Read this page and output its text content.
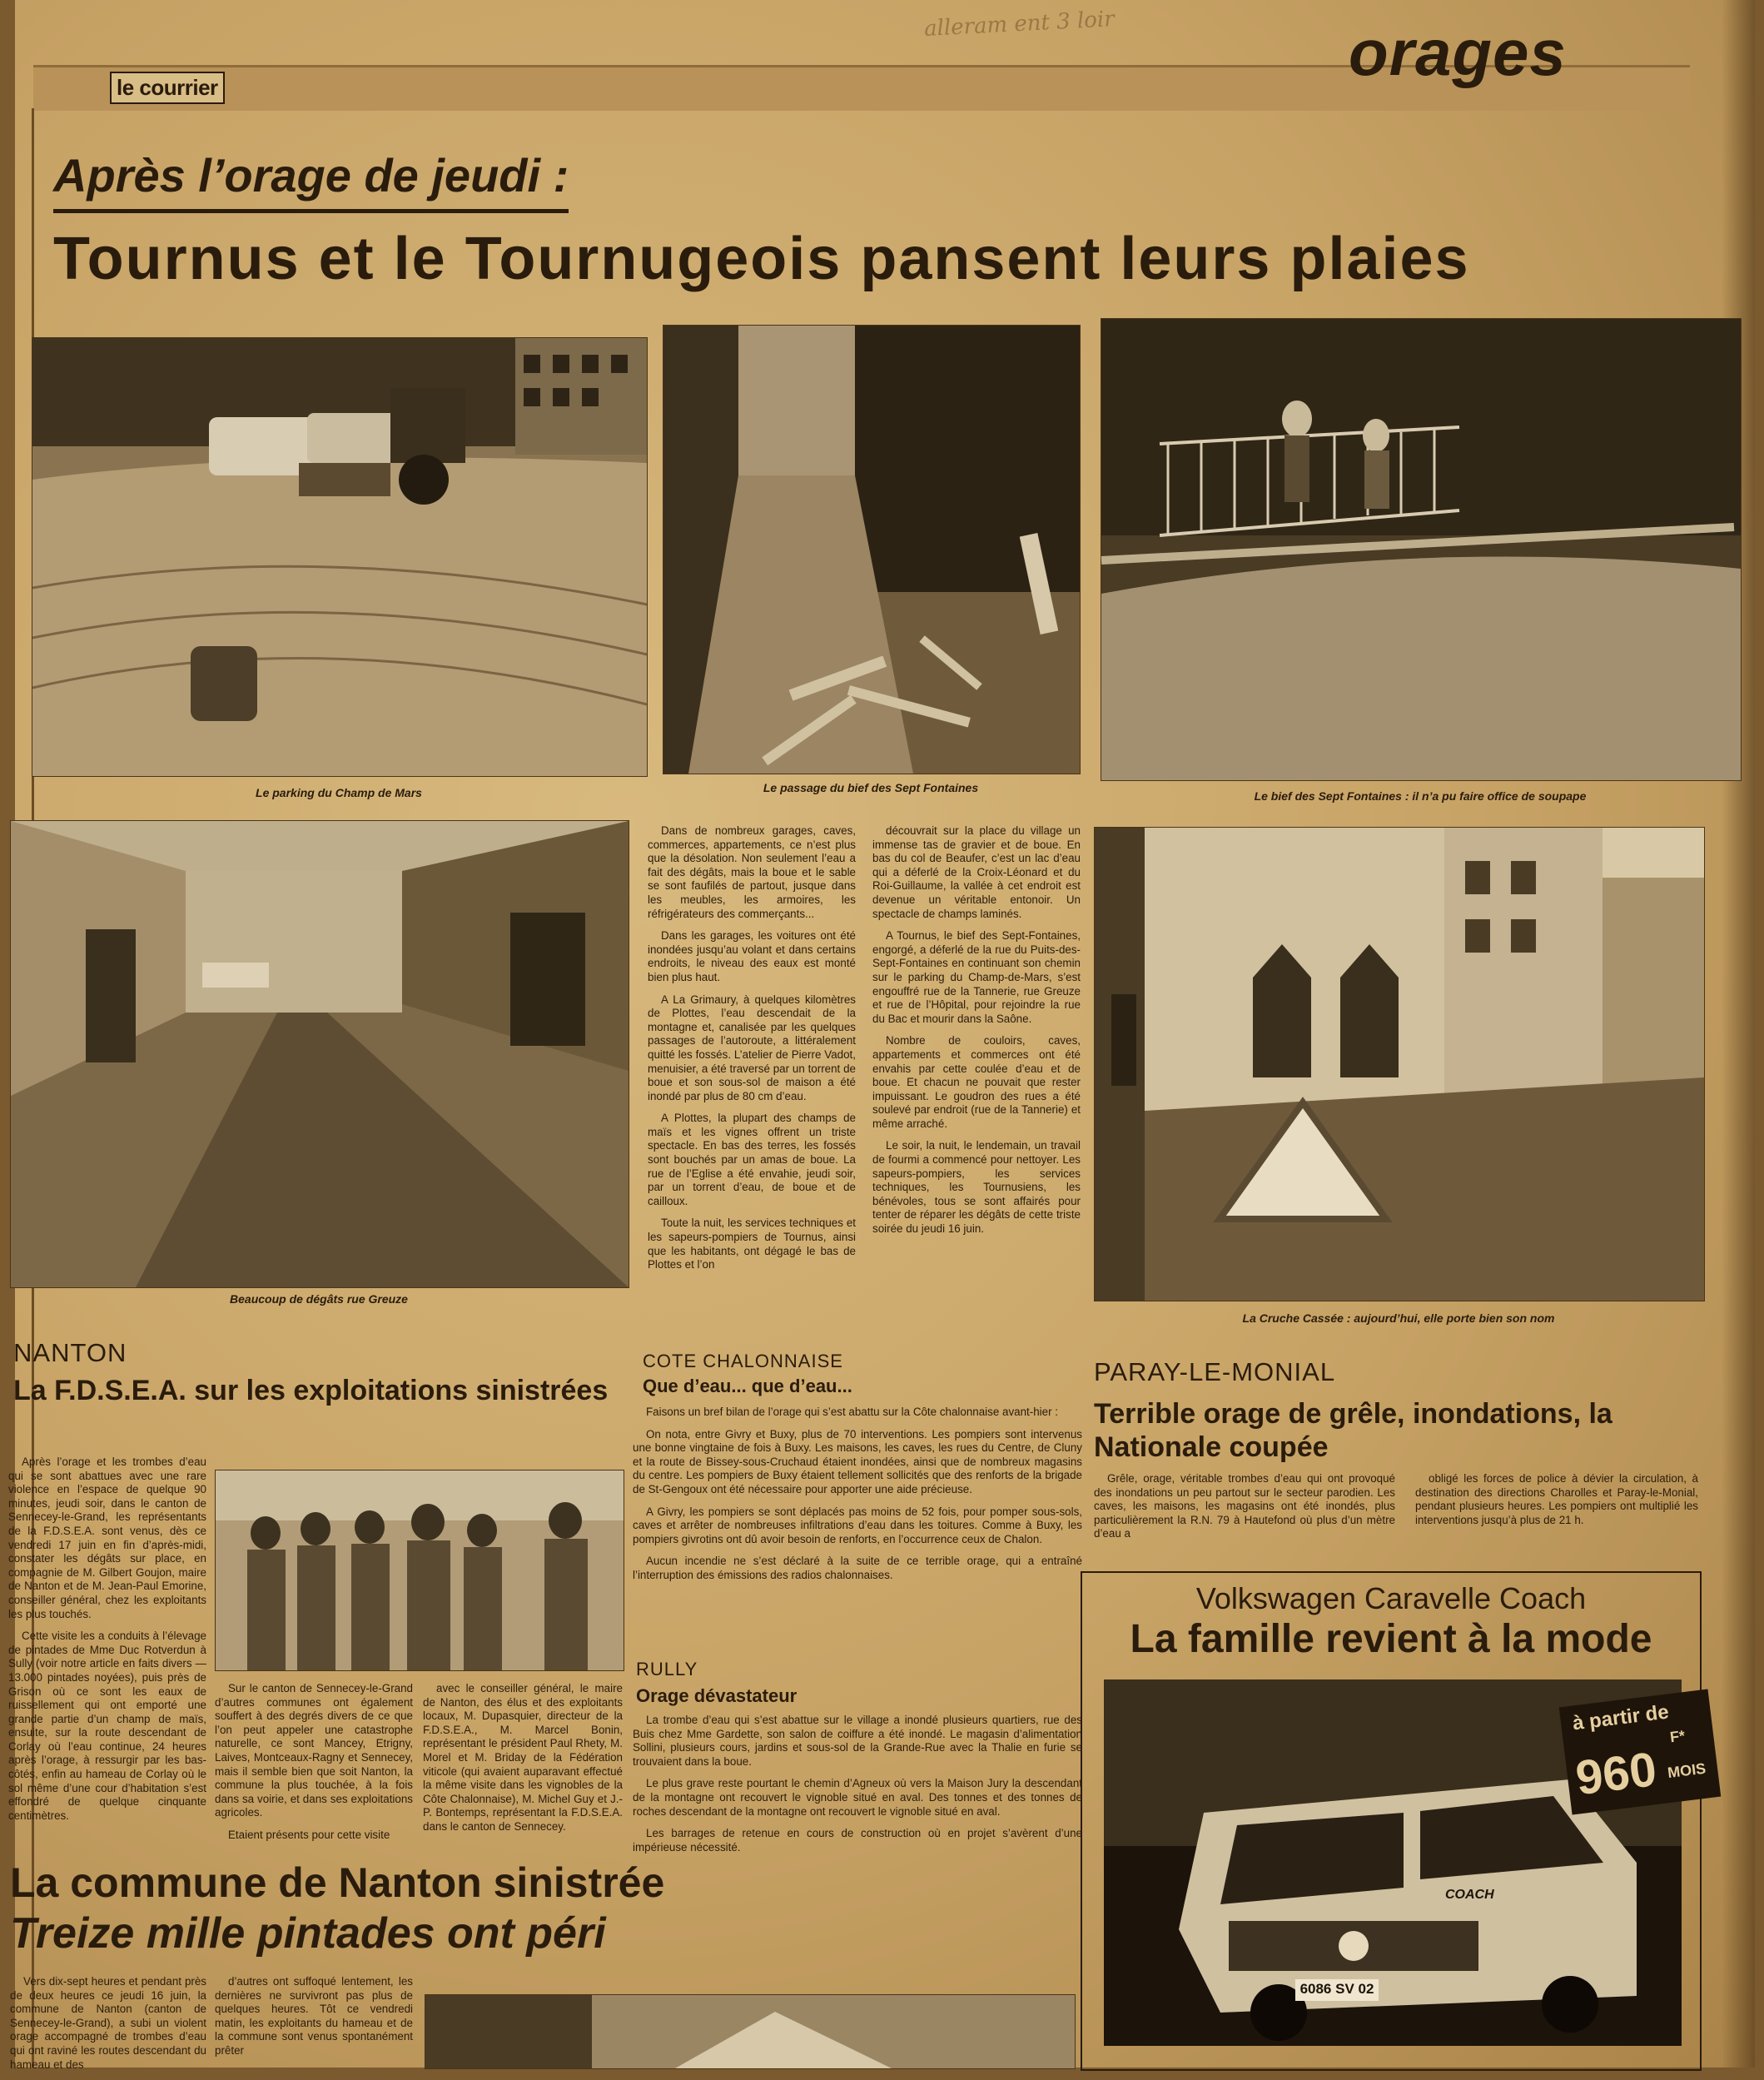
alleram ent 3 loir
le courrier	orages
Après l’orage de jeudi :
Tournus et le Tournugeois pansent leurs plaies
Le parking du Champ de Mars	Le passage du bief des Sept Fontaines
Le bief des Sept Fontaines : il n’a pu faire office de soupape
Beaucoup de dégâts rue Greuze
La Cruche Cassée : aujourd’hui, elle porte bien son nom

Dans de nombreux garages, caves, commerces, appartements, ce n’est plus que la désolation. Non seulement l’eau a fait des dégâts, mais la boue et le sable se sont faufilés de partout, jusque dans les meubles, les armoires, les réfrigérateurs des commerçants...

Dans les garages, les voitures ont été inondées jusqu’au volant et dans certains endroits, le niveau des eaux est monté bien plus haut.

A La Grimaury, à quelques kilomètres de Plottes, l’eau descendait de la montagne et, canalisée par les quelques passages de l’autoroute, a littéralement quitté les fossés. L’atelier de Pierre Vadot, menuisier, a été traversé par un torrent de boue et son sous-sol de maison a été inondé par plus de 80 cm d’eau.

A Plottes, la plupart des champs de maïs et les vignes offrent un triste spectacle. En bas des terres, les fossés sont bouchés par un amas de boue. La rue de l’Eglise a été envahie, jeudi soir, par un torrent d’eau, de boue et de cailloux.

Toute la nuit, les services techniques et les sapeurs-pompiers de Tournus, ainsi que les habitants, ont dégagé le bas de Plottes et l’on

découvrait sur la place du village un immense tas de gravier et de boue. En bas du col de Beaufer, c’est un lac d’eau qui a déferlé de la Croix-Léonard et du Roi-Guillaume, la vallée à cet endroit est devenue un véritable entonoir. Un spectacle de champs laminés.

A Tournus, le bief des Sept-Fontaines, engorgé, a déferlé de la rue du Puits-des-Sept-Fontaines en continuant son chemin sur le parking du Champ-de-Mars, s’est engouffré rue de la Tannerie, rue Greuze et rue de l’Hôpital, pour rejoindre la rue du Bac et mourir dans la Saône.

Nombre de couloirs, caves, appartements et commerces ont été envahis par cette coulée d’eau et de boue. Et chacun ne pouvait que rester impuissant. Le goudron des rues a été soulevé par endroit (rue de la Tannerie) et même arraché.

Le soir, la nuit, le lendemain, un travail de fourmi a commencé pour nettoyer. Les sapeurs-pompiers, les services techniques, les Tournusiens, les bénévoles, tous se sont affairés pour tenter de réparer les dégâts de cette triste soirée du jeudi 16 juin.

NANTON
La F.D.S.E.A. sur les exploitations sinistrées

Après l’orage et les trombes d’eau qui se sont abattues avec une rare violence en l’espace de quelque 90 minutes, jeudi soir, dans le canton de Sennecey-le-Grand, les représentants de la F.D.S.E.A. sont venus, dès ce vendredi 17 juin en fin d’après-midi, constater les dégâts sur place, en compagnie de M. Gilbert Goujon, maire de Nanton et de M. Jean-Paul Emorine, conseiller général, chez les exploitants les plus touchés.

Cette visite les a conduits à l’élevage de pintades de Mme Duc Rotverdun à Sully (voir notre article en faits divers — 13.000 pintades noyées), puis près de Grison où ce sont les eaux de ruissellement qui ont emporté une grande partie d’un champ de maïs, ensuite, sur la route descendant de Corlay où l’eau continue, 24 heures après l’orage, à ressurgir par les bas-côtés, enfin au hameau de Corlay où le sol même d’une cour d’habitation s’est effondré de quelque cinquante centimètres.

Sur le canton de Sennecey-le-Grand d’autres communes ont également souffert à des degrés divers de ce que l’on peut appeler une catastrophe naturelle, ce sont Mancey, Etrigny, Laives, Montceaux-Ragny et Sennecey, mais il semble bien que soit Nanton, la commune la plus touchée, à la fois dans sa voirie, et dans ses exploitations agricoles.

Etaient présents pour cette visite

avec le conseiller général, le maire de Nanton, des élus et des exploitants locaux, M. Dupasquier, directeur de la F.D.S.E.A., M. Marcel Bonin, représentant le président Paul Rhety, M. Morel et M. Briday de la Fédération viticole (qui avaient auparavant effectué la même visite dans les vignobles de la Côte Chalonnaise), M. Michel Guy et J.-P. Bontemps, représentant la F.D.S.E.A. dans le canton de Sennecey.

COTE CHALONNAISE
Que d’eau... que d’eau...

Faisons un bref bilan de l’orage qui s’est abattu sur la Côte chalonnaise avant-hier :

On nota, entre Givry et Buxy, plus de 70 interventions. Les pompiers sont intervenus une bonne vingtaine de fois à Buxy. Les maisons, les caves, les rues du Centre, de Cluny et la route de Bissey-sous-Cruchaud étaient inondées, ainsi que de nombreux magasins du centre. Les pompiers de Buxy étaient tellement sollicités que des renforts de la brigade de St-Gengoux ont été nécessaire pour apporter une aide précieuse.

A Givry, les pompiers se sont déplacés pas moins de 52 fois, pour pomper sous-sols, caves et arrêter de nombreuses infiltrations d’eau dans les toitures. Comme à Buxy, les pompiers givrotins ont dû avoir besoin de renforts, en l’occurrence ceux de Chalon.

Aucun incendie ne s’est déclaré à la suite de ce terrible orage, qui a entraîné l’interruption des émissions des radios chalonnaises.

RULLY
Orage dévastateur

La trombe d’eau qui s’est abattue sur le village a inondé plusieurs quartiers, rue des Buis chez Mme Gardette, son salon de coiffure a été inondé. Le magasin d’alimentation Sollini, plusieurs cours, jardins et sous-sol de la Grande-Rue avec la Thalie en furie se trouvaient dans la boue.

Le plus grave reste pourtant le chemin d’Agneux où vers la Maison Jury la descendant de la montagne ont recouvert le vignoble situé en aval. Des tonnes et des tonnes de roches descendant de la montagne ont recouvert le vignoble situé en aval.

Les barrages de retenue en cours de construction où en projet s’avèrent d’une impérieuse nécessité.

PARAY-LE-MONIAL
Terrible orage de grêle, inondations, la Nationale coupée

Grêle, orage, véritable trombes d’eau qui ont provoqué des inondations un peu partout sur le secteur parodien. Les caves, les maisons, les magasins ont été inondés, plus particulièrement la R.N. 79 à Hautefond où plus d’un mètre d’eau a

obligé les forces de police à dévier la circulation, à destination des directions Charolles et Paray-le-Monial, pendant plusieurs heures. Les pompiers ont multiplié les interventions jusqu’à plus de 21 h.

La commune de Nanton sinistrée
Treize mille pintades ont péri

Vers dix-sept heures et pendant près de deux heures ce jeudi 16 juin, la commune de Nanton (canton de Sennecey-le-Grand), a subi un violent orage accompagné de trombes d’eau qui ont raviné les routes descendant du hameau et des

d’autres ont suffoqué lentement, les dernières ne survivront pas plus de quelques heures. Tôt ce vendredi matin, les exploitants du hameau et de la commune sont venus spontanément prêter

Volkswagen Caravelle Coach
La famille revient à la mode
6086 SV 02
COACH
à partir de
F*
960 MOIS
